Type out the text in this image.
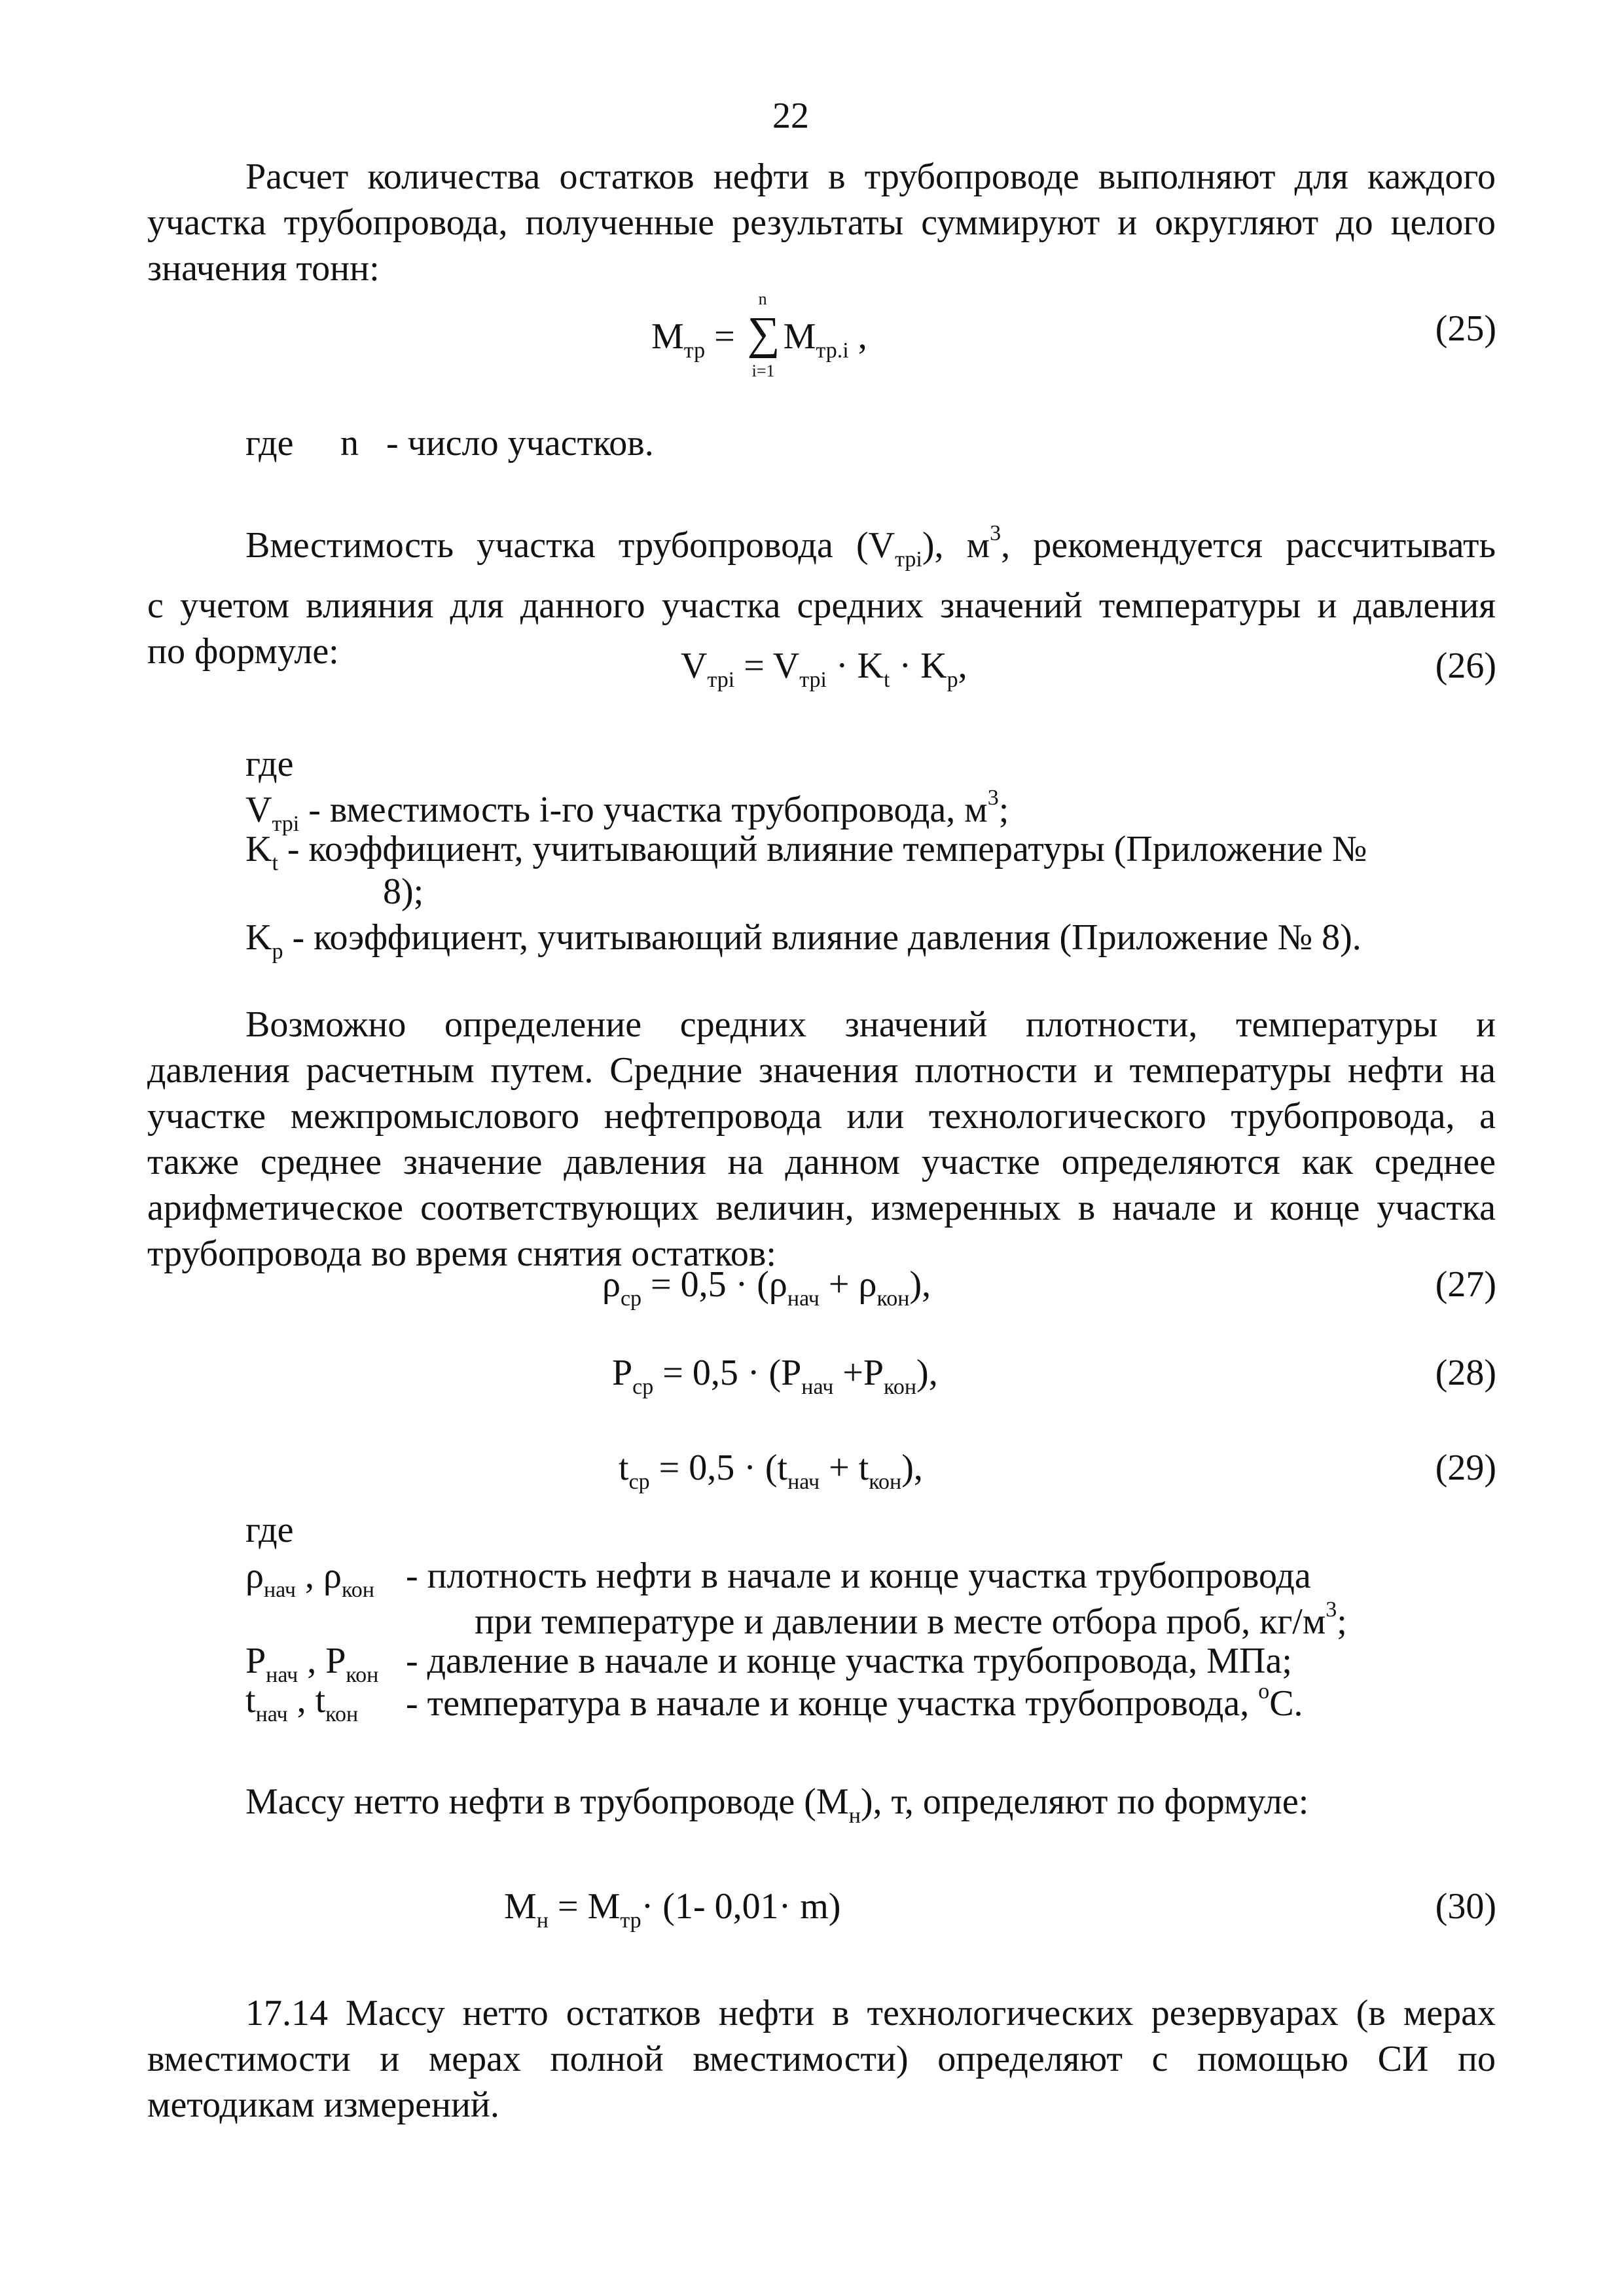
22
Расчет количества остатков нефти в трубопроводе выполняют для каждого
участка трубопровода, полученные результаты суммируют и округляют до целого
значения тонн:
$М_{тр}$ = ∑
n
i=1
$М_{тр.i}$ ,	(25)
где n - число участков.
Вместимость участка трубопровода $(V_{трi})$, $м^3$, рекомендуется рассчитывать
с учетом влияния для данного участка средних значений температуры и давления
по формуле:	$V_{трi} = V_{трi} \cdot K_t \cdot K_p$,	(26)
где
$V_{трi}$ - вместимость i-го участка трубопровода, $м^3$;
$K_t$ - коэффициент, учитывающий влияние температуры (Приложение №
8);
$K_p$ - коэффициент, учитывающий влияние давления (Приложение № 8).
Возможно определение средних значений плотности, температуры и
давления расчетным путем. Средние значения плотности и температуры нефти на
участке межпромыслового нефтепровода или технологического трубопровода, а
также среднее значение давления на данном участке определяются как среднее
арифметическое соответствующих величин, измеренных в начале и конце участка
трубопровода во время снятия остатков:
$\rho_{ср} = 0,5 \cdot (\rho_{нач} + \rho_{кон})$,	(27)
$Р_{ср} = 0,5 \cdot (Р_{нач} +Р_{кон})$,	(28)
$t_{ср} = 0,5 \cdot (t_{нач} + t_{кон})$,	(29)
где
$\rho_{нач}$ , $\rho_{кон}$ - плотность нефти в начале и конце участка трубопровода
при температуре и давлении в месте отбора проб, $кг/м^3$;
$Р_{нач}$ , $Р_{кон}$ - давление в начале и конце участка трубопровода, МПа;
$t_{нач}$ , $t_{кон}$ - температура в начале и конце участка трубопровода, $^o$С.
Массу нетто нефти в трубопроводе $(М_н)$, т, определяют по формуле:
$М_н = М_{тр}\cdot (1-$ 0,01· m)	(30)
17.14 Массу нетто остатков нефти в технологических резервуарах (в мерах
вместимости и мерах полной вместимости) определяют с помощью СИ по
методикам измерений.
